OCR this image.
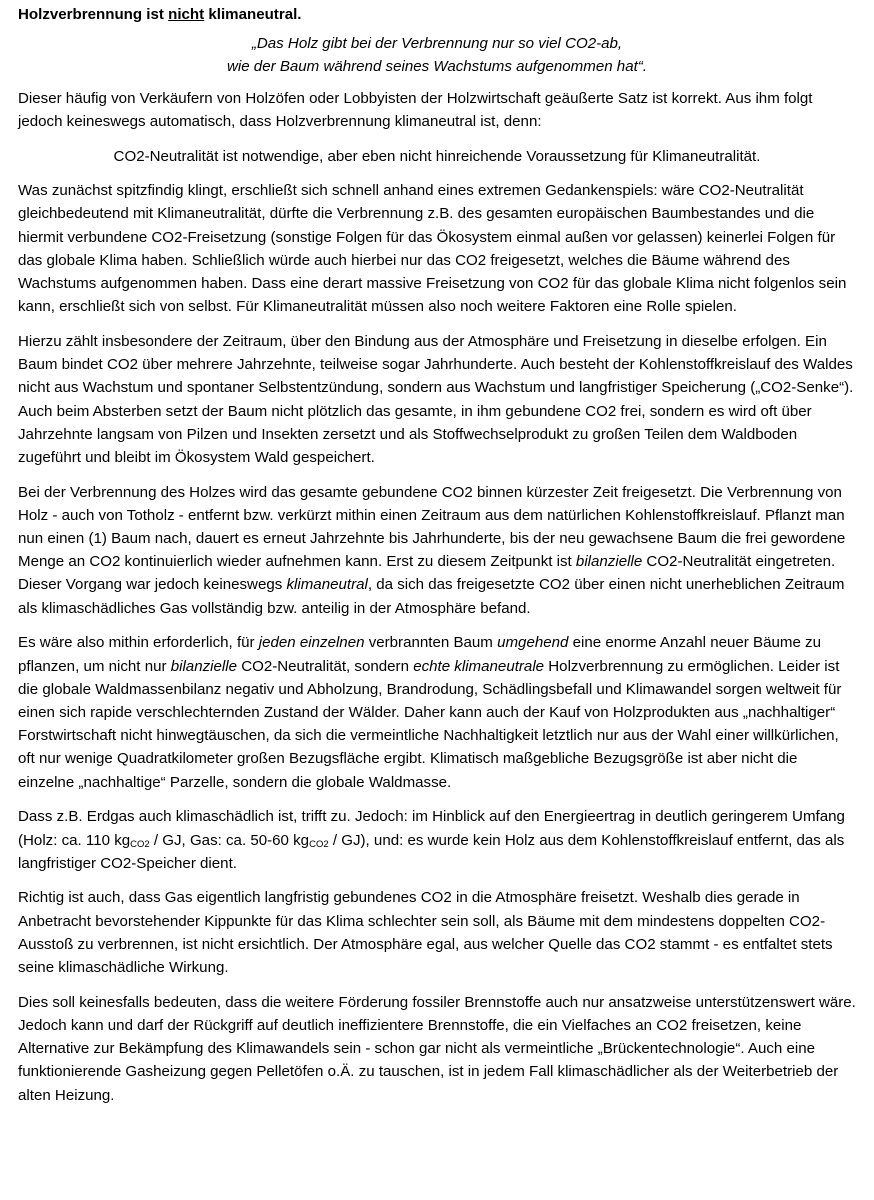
Holzverbrennung ist nicht klimaneutral.

„Das Holz gibt bei der Verbrennung nur so viel CO2-ab,
wie der Baum während seines Wachstums aufgenommen hat“.

Dieser häufig von Verkäufern von Holzöfen oder Lobbyisten der Holzwirtschaft geäußerte Satz ist korrekt. Aus ihm folgt jedoch keineswegs automatisch, dass Holzverbrennung klimaneutral ist, denn:

CO2-Neutralität ist notwendige, aber eben nicht hinreichende Voraussetzung für Klimaneutralität.

Was zunächst spitzfindig klingt, erschließt sich schnell anhand eines extremen Gedankenspiels: wäre CO2-Neutralität gleichbedeutend mit Klimaneutralität, dürfte die Verbrennung z.B. des gesamten europäischen Baumbestandes und die hiermit verbundene CO2-Freisetzung (sonstige Folgen für das Ökosystem einmal außen vor gelassen) keinerlei Folgen für das globale Klima haben. Schließlich würde auch hierbei nur das CO2 freigesetzt, welches die Bäume während des Wachstums aufgenommen haben. Dass eine derart massive Freisetzung von CO2 für das globale Klima nicht folgenlos sein kann, erschließt sich von selbst. Für Klimaneutralität müssen also noch weitere Faktoren eine Rolle spielen.

Hierzu zählt insbesondere der Zeitraum, über den Bindung aus der Atmosphäre und Freisetzung in dieselbe erfolgen. Ein Baum bindet CO2 über mehrere Jahrzehnte, teilweise sogar Jahrhunderte. Auch besteht der Kohlenstoffkreislauf des Waldes nicht aus Wachstum und spontaner Selbstentzündung, sondern aus Wachstum und langfristiger Speicherung („CO2-Senke“). Auch beim Absterben setzt der Baum nicht plötzlich das gesamte, in ihm gebundene CO2 frei, sondern es wird oft über Jahrzehnte langsam von Pilzen und Insekten zersetzt und als Stoffwechselprodukt zu großen Teilen dem Waldboden zugeführt und bleibt im Ökosystem Wald gespeichert.

Bei der Verbrennung des Holzes wird das gesamte gebundene CO2 binnen kürzester Zeit freigesetzt. Die Verbrennung von Holz - auch von Totholz - entfernt bzw. verkürzt mithin einen Zeitraum aus dem natürlichen Kohlenstoffkreislauf. Pflanzt man nun einen (1) Baum nach, dauert es erneut Jahrzehnte bis Jahrhunderte, bis der neu gewachsene Baum die frei gewordene Menge an CO2 kontinuierlich wieder aufnehmen kann. Erst zu diesem Zeitpunkt ist bilanzielle CO2-Neutralität eingetreten. Dieser Vorgang war jedoch keineswegs klimaneutral, da sich das freigesetzte CO2 über einen nicht unerheblichen Zeitraum als klimaschädliches Gas vollständig bzw. anteilig in der Atmosphäre befand.

Es wäre also mithin erforderlich, für jeden einzelnen verbrannten Baum umgehend eine enorme Anzahl neuer Bäume zu pflanzen, um nicht nur bilanzielle CO2-Neutralität, sondern echte klimaneutrale Holzverbrennung zu ermöglichen. Leider ist die globale Waldmassenbilanz negativ und Abholzung, Brandrodung, Schädlingsbefall und Klimawandel sorgen weltweit für einen sich rapide verschlechternden Zustand der Wälder. Daher kann auch der Kauf von Holzprodukten aus „nachhaltiger“ Forstwirtschaft nicht hinwegtäuschen, da sich die vermeintliche Nachhaltigkeit letztlich nur aus der Wahl einer willkürlichen, oft nur wenige Quadratkilometer großen Bezugsfläche ergibt. Klimatisch maßgebliche Bezugsgröße ist aber nicht die einzelne „nachhaltige“ Parzelle, sondern die globale Waldmasse.

Dass z.B. Erdgas auch klimaschädlich ist, trifft zu. Jedoch: im Hinblick auf den Energieertrag in deutlich geringerem Umfang (Holz: ca. 110 $kg_{CO2}$ / GJ, Gas: ca. 50-60 $kg_{CO2} / GJ$), und: es wurde kein Holz aus dem Kohlenstoffkreislauf entfernt, das als langfristiger CO2-Speicher dient.

Richtig ist auch, dass Gas eigentlich langfristig gebundenes CO2 in die Atmosphäre freisetzt. Weshalb dies gerade in Anbetracht bevorstehender Kippunkte für das Klima schlechter sein soll, als Bäume mit dem mindestens doppelten CO2-Ausstoß zu verbrennen, ist nicht ersichtlich. Der Atmosphäre egal, aus welcher Quelle das CO2 stammt - es entfaltet stets seine klimaschädliche Wirkung.

Dies soll keinesfalls bedeuten, dass die weitere Förderung fossiler Brennstoffe auch nur ansatzweise unterstützenswert wäre. Jedoch kann und darf der Rückgriff auf deutlich ineffizientere Brennstoffe, die ein Vielfaches an CO2 freisetzen, keine Alternative zur Bekämpfung des Klimawandels sein - schon gar nicht als vermeintliche „Brückentechnologie“. Auch eine funktionierende Gasheizung gegen Pelletöfen o.Ä. zu tauschen, ist in jedem Fall klimaschädlicher als der Weiterbetrieb der alten Heizung.
